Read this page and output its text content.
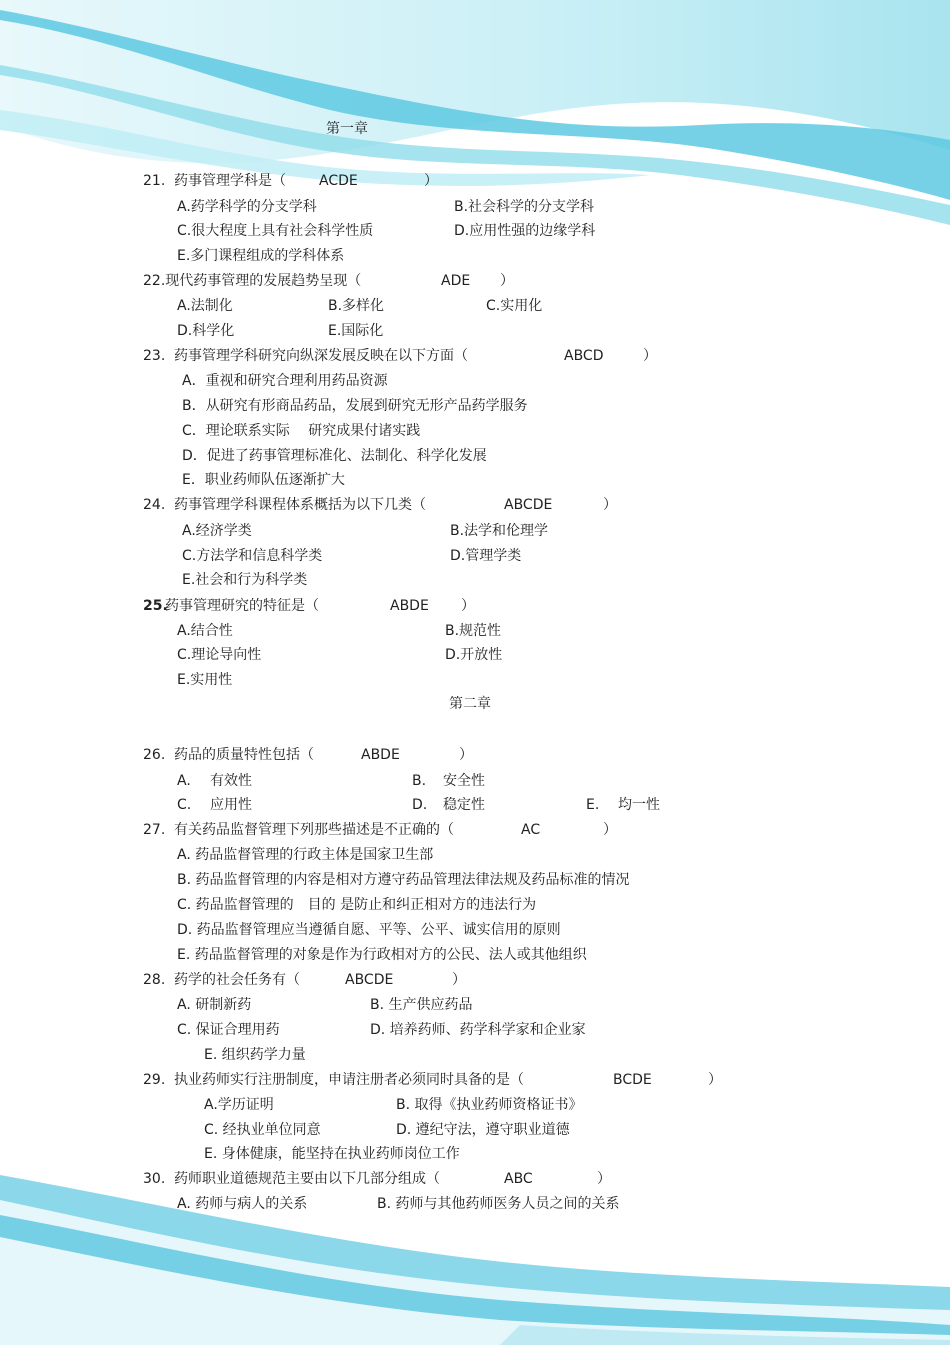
第一章
21. 药事管理学科是（ ACDE	）
A.药学科学的分支学科	B.社会科学的分支学科
C.很大程度上具有社会科学性质	D.应用性强的边缘学科
E.多门课程组成的学科体系
22.现代药事管理的发展趋势呈现（	ADE ）
A.法制化	B.多样化	C.实用化
D.科学化	E.国际化
23. 药事管理学科研究向纵深发展反映在以下方面（	ABCD	）
A．重视和研究合理利用药品资源
B．从研究有形商品药品，发展到研究无形产品药学服务
C．理论联系实际　 研究成果付诸实践
D．促进了药事管理标准化、法制化、科学化发展
E．职业药师队伍逐渐扩大
24. 药事管理学科课程体系概括为以下几类（	ABCDE	）
A.经济学类	B.法学和伦理学
C.方法学和信息科学类	D.管理学类
E.社会和行为科学类
25.
药事管理研究的特征是（	ABDE ）
A.结合性	B.规范性
C.理论导向性	D.开放性
E.实用性
第二章
26. 药品的质量特性包括（	ABDE	）
A. 有效性	B. 安全性
C. 应用性	D. 稳定性	E. 均一性
27. 有关药品监督管理下列那些描述是不正确的（	AC	）
A. 药品监督管理的行政主体是国家卫生部
B. 药品监督管理的内容是相对方遵守药品管理法律法规及药品标准的情况
C. 药品监督管理的　目的 是防止和纠正相对方的违法行为
D. 药品监督管理应当遵循自愿、平等、公平、诚实信用的原则
E. 药品监督管理的对象是作为行政相对方的公民、法人或其他组织
28. 药学的社会任务有（	ABCDE	）
A. 研制新药	B. 生产供应药品
C. 保证合理用药	D. 培养药师、药学科学家和企业家
E. 组织药学力量
29. 执业药师实行注册制度，申请注册者必须同时具备的是（	BCDE	）
A.学历证明	B. 取得《执业药师资格证书》
C. 经执业单位同意	D. 遵纪守法，遵守职业道德
E. 身体健康，能坚持在执业药师岗位工作
30. 药师职业道德规范主要由以下几部分组成（	ABC	）
A. 药师与病人的关系	B. 药师与其他药师医务人员之间的关系
